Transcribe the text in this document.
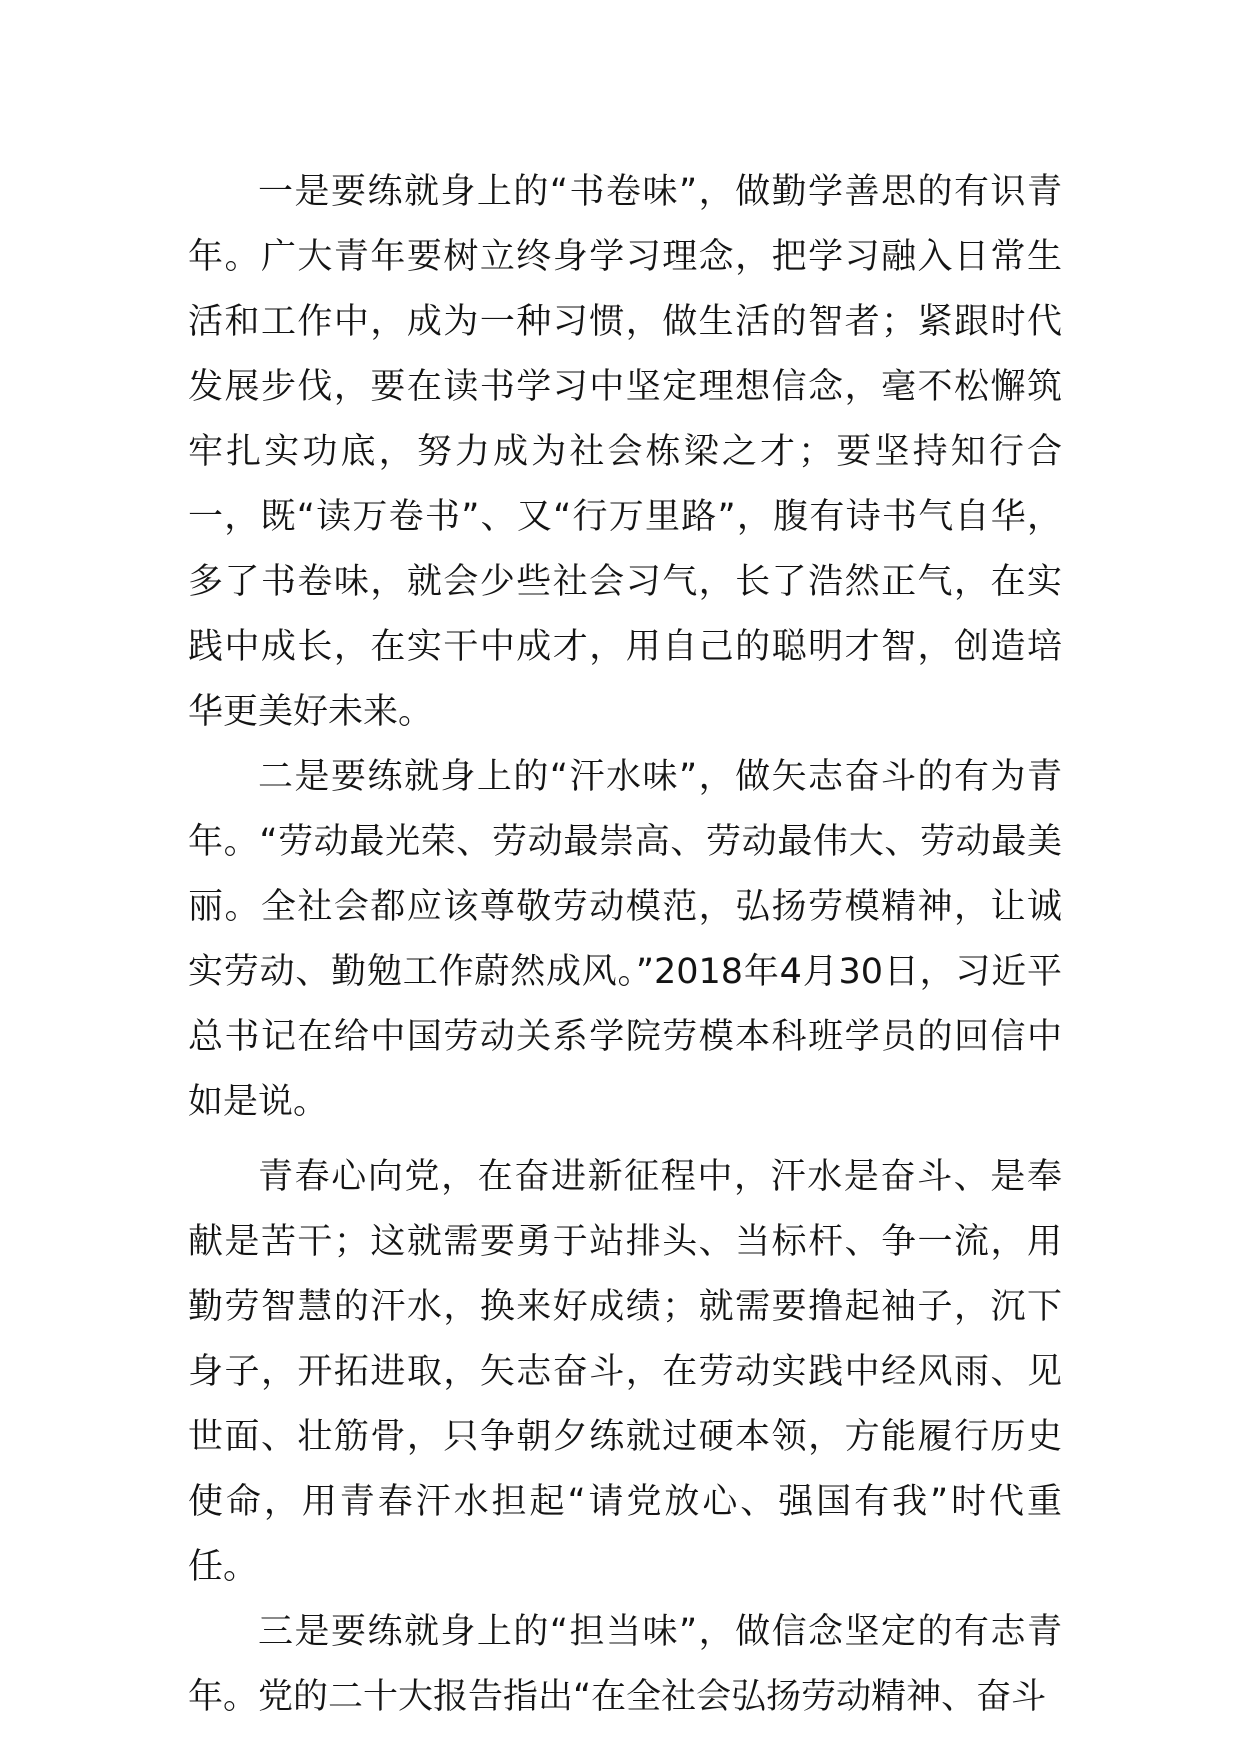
一是要练就身上的“书卷味”，做勤学善思的有识青年。广大青年要树立终身学习理念，把学习融入日常生活和工作中，成为一种习惯，做生活的智者；紧跟时代发展步伐，要在读书学习中坚定理想信念，毫不松懈筑牢扎实功底，努力成为社会栋梁之才；要坚持知行合一，既“读万卷书”、又“行万里路”，腹有诗书气自华，多了书卷味，就会少些社会习气，长了浩然正气，在实践中成长，在实干中成才，用自己的聪明才智，创造培华更美好未来。

二是要练就身上的“汗水味”，做矢志奋斗的有为青年。“劳动最光荣、劳动最崇高、劳动最伟大、劳动最美丽。全社会都应该尊敬劳动模范，弘扬劳模精神，让诚实劳动、勤勉工作蔚然成风。”2018年4月30日，习近平总书记在给中国劳动关系学院劳模本科班学员的回信中如是说。

青春心向党，在奋进新征程中，汗水是奋斗、是奉献是苦干；这就需要勇于站排头、当标杆、争一流，用勤劳智慧的汗水，换来好成绩；就需要撸起袖子，沉下身子，开拓进取，矢志奋斗，在劳动实践中经风雨、见世面、壮筋骨，只争朝夕练就过硬本领，方能履行历史使命，用青春汗水担起“请党放心、强国有我”时代重任。

三是要练就身上的“担当味”，做信念坚定的有志青年。党的二十大报告指出“在全社会弘扬劳动精神、奋斗
